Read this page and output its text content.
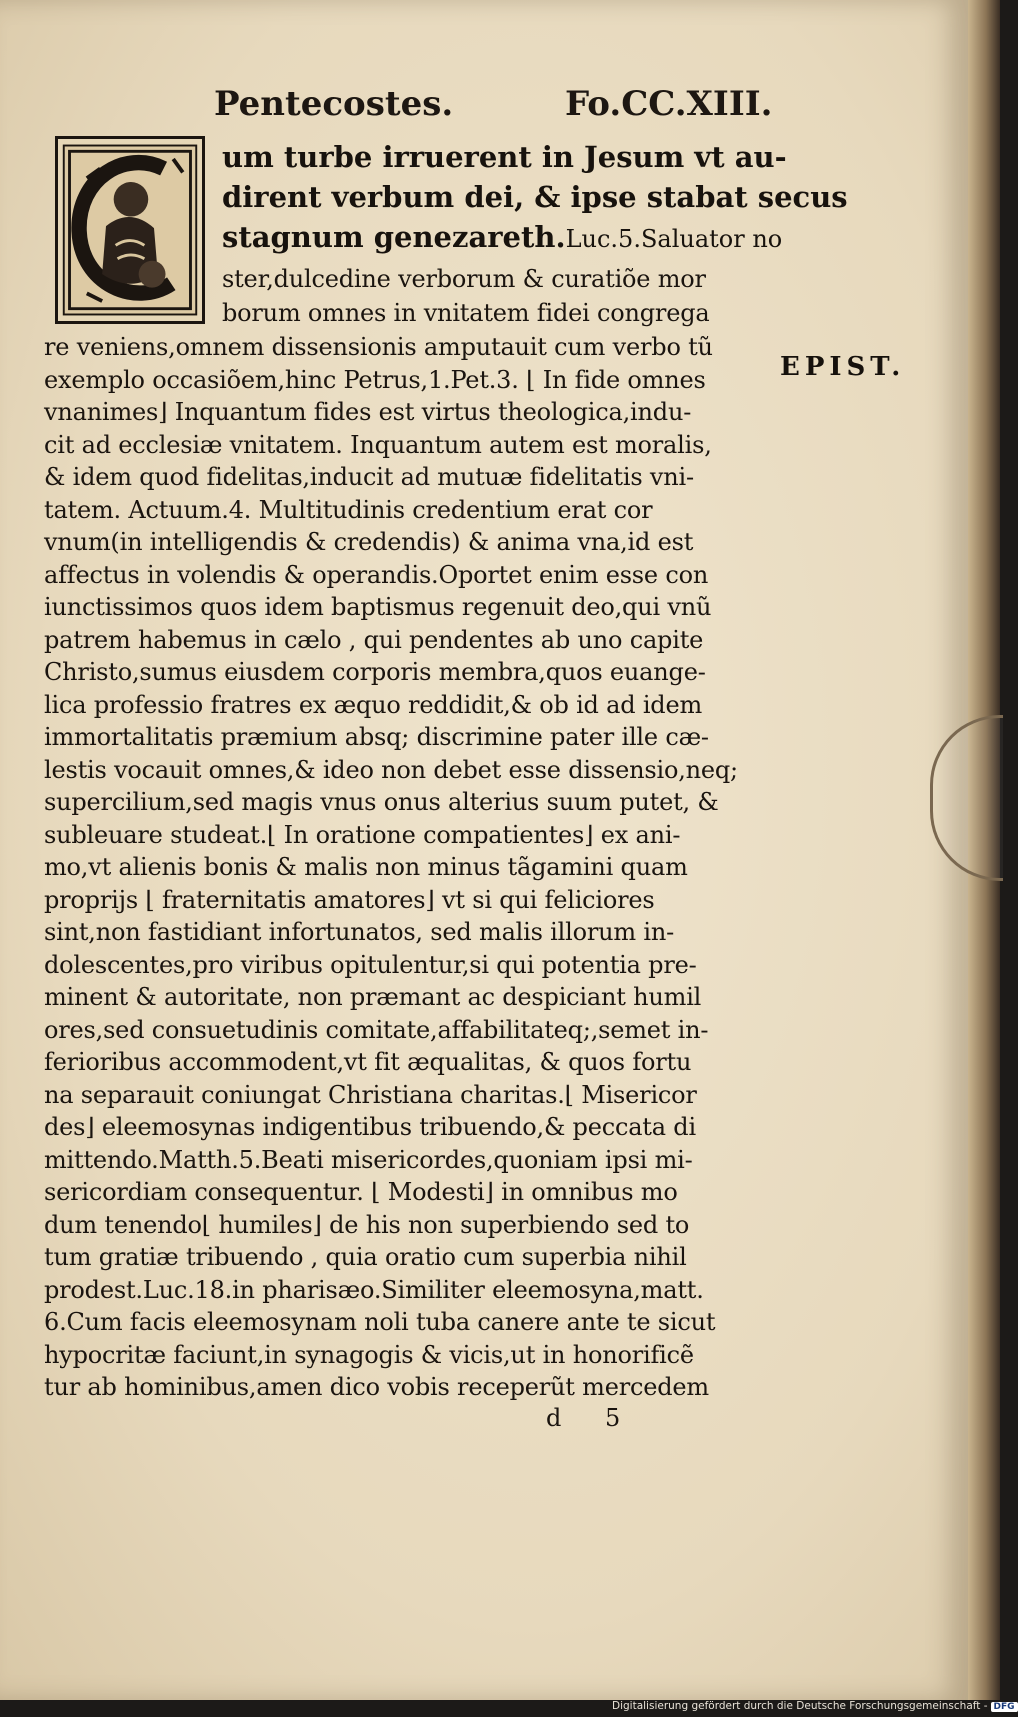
Pentecostes.	Fo.CC.XIII.
um turbe irruerent in Jesum vt au-
dirent verbum dei, & ipse stabat secus
stagnum genezareth.Luc.5.Saluator no
ster,dulcedine verborum & curatiõe mor
borum omnes in vnitatem fidei congrega
re veniens,omnem dissensionis amputauit cum verbo tũ
exemplo occasiõem,hinc Petrus,1.Pet.3. ⌊ In fide omnes
vnanimes⌋ Inquantum fides est virtus theologica,indu-
cit ad ecclesiæ vnitatem. Inquantum autem est moralis,
& idem quod fidelitas,inducit ad mutuæ fidelitatis vni-
tatem. Actuum.4. Multitudinis credentium erat cor
vnum(in intelligendis & credendis) & anima vna,id est
affectus in volendis & operandis.Oportet enim esse con
iunctissimos quos idem baptismus regenuit deo,qui vnũ
patrem habemus in cælo , qui pendentes ab uno capite
Christo,sumus eiusdem corporis membra,quos euange-
lica professio fratres ex æquo reddidit,& ob id ad idem
immortalitatis præmium absq; discrimine pater ille cæ-
lestis vocauit omnes,& ideo non debet esse dissensio,neq;
supercilium,sed magis vnus onus alterius suum putet, &
subleuare studeat.⌊ In oratione compatientes⌋ ex ani-
mo,vt alienis bonis & malis non minus tãgamini quam
proprijs ⌊ fraternitatis amatores⌋ vt si qui feliciores
sint,non fastidiant infortunatos, sed malis illorum in-
dolescentes,pro viribus opitulentur,si qui potentia pre-
minent & autoritate, non præmant ac despiciant humil
ores,sed consuetudinis comitate,affabilitateq;,semet in-
ferioribus accommodent,vt fit æqualitas, & quos fortu
na separauit coniungat Christiana charitas.⌊ Misericor
des⌋ eleemosynas indigentibus tribuendo,& peccata di
mittendo.Matth.5.Beati misericordes,quoniam ipsi mi-
sericordiam consequentur. ⌊ Modesti⌋ in omnibus mo
dum tenendo⌊ humiles⌋ de his non superbiendo sed to
tum gratiæ tribuendo , quia oratio cum superbia nihil
prodest.Luc.18.in pharisæo.Similiter eleemosyna,matt.
6.Cum facis eleemosynam noli tuba canere ante te sicut
hypocritæ faciunt,in synagogis & vicis,ut in honorificẽ
tur ab hominibus,amen dico vobis receperũt mercedem
EPIST.
d 5
Digitalisierung gefördert durch die Deutsche Forschungsgemeinschaft - DFG
